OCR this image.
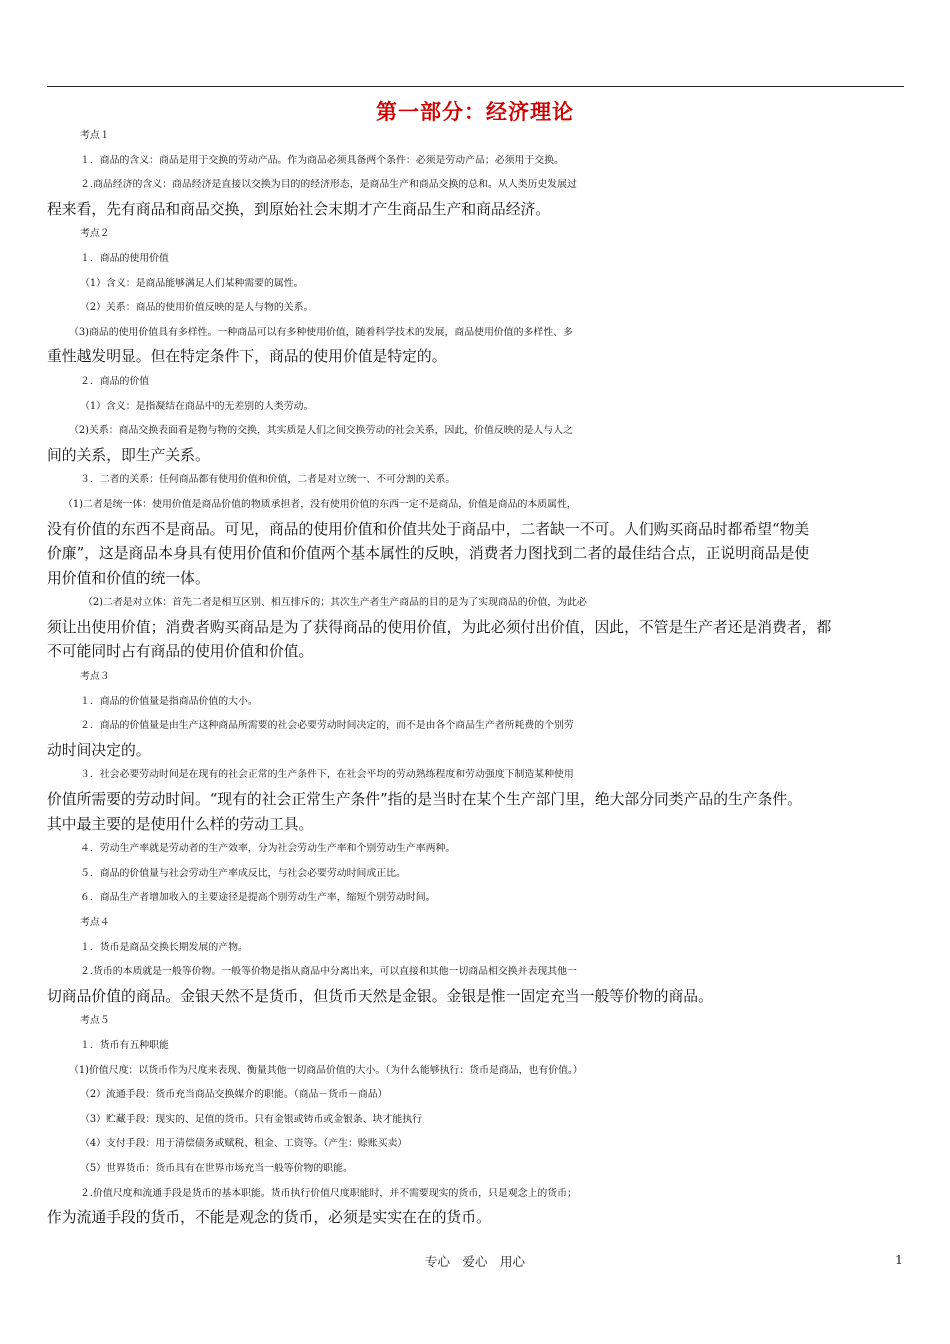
第一部分：经济理论

考点１

１．商品的含义：商品是用于交换的劳动产品。作为商品必须具备两个条件：必须是劳动产品；必须用于交换。

２.商品经济的含义：商品经济是直接以交换为目的的经济形态，是商品生产和商品交换的总和。从人类历史发展过
程来看，先有商品和商品交换，到原始社会末期才产生商品生产和商品经济。

考点２

１．商品的使用价值

（1）含义：是商品能够满足人们某种需要的属性。

（2）关系：商品的使用价值反映的是人与物的关系。

（3)商品的使用价值具有多样性。一种商品可以有多种使用价值，随着科学技术的发展，商品使用价值的多样性、多
重性越发明显。但在特定条件下，商品的使用价值是特定的。

２．商品的价值

（1）含义：是指凝结在商品中的无差别的人类劳动。

（2)关系：商品交换表面看是物与物的交换，其实质是人们之间交换劳动的社会关系，因此，价值反映的是人与人之
间的关系，即生产关系。

３．二者的关系：任何商品都有使用价值和价值，二者是对立统一、不可分割的关系。

（1)二者是统一体：使用价值是商品价值的物质承担者，没有使用价值的东西一定不是商品，价值是商品的本质属性，
没有价值的东西不是商品。可见，商品的使用价值和价值共处于商品中，二者缺一不可。人们购买商品时都希望“物美
价廉”，这是商品本身具有使用价值和价值两个基本属性的反映，消费者力图找到二者的最佳结合点，正说明商品是使
用价值和价值的统一体。

（2)二者是对立体：首先二者是相互区别、相互排斥的；其次生产者生产商品的目的是为了实现商品的价值，为此必
须让出使用价值；消费者购买商品是为了获得商品的使用价值，为此必须付出价值，因此，不管是生产者还是消费者，都
不可能同时占有商品的使用价值和价值。

考点３

１．商品的价值量是指商品价值的大小。

２．商品的价值量是由生产这种商品所需要的社会必要劳动时间决定的，而不是由各个商品生产者所耗费的个别劳
动时间决定的。

３．社会必要劳动时间是在现有的社会正常的生产条件下，在社会平均的劳动熟练程度和劳动强度下制造某种使用
价值所需要的劳动时间。“现有的社会正常生产条件”指的是当时在某个生产部门里，绝大部分同类产品的生产条件。
其中最主要的是使用什么样的劳动工具。

４．劳动生产率就是劳动者的生产效率，分为社会劳动生产率和个别劳动生产率两种。

５．商品的价值量与社会劳动生产率成反比，与社会必要劳动时间成正比。

６．商品生产者增加收入的主要途径是提高个别劳动生产率，缩短个别劳动时间。

考点４

１．货币是商品交换长期发展的产物。

２.货币的本质就是一般等价物。一般等价物是指从商品中分离出来，可以直接和其他一切商品相交换并表现其他一
切商品价值的商品。金银天然不是货币，但货币天然是金银。金银是惟一固定充当一般等价物的商品。

考点５

１．货币有五种职能

（1)价值尺度：以货币作为尺度来表现、衡量其他一切商品价值的大小。（为什么能够执行：货币是商品，也有价值。）

（2）流通手段：货币充当商品交换媒介的职能。（商品－货币－商品）

（3）贮藏手段：现实的、足值的货币。只有金银或铸币或金银条、块才能执行

（4）支付手段：用于清偿债务或赋税、租金、工资等。（产生：赊账买卖）

（5）世界货币：货币具有在世界市场充当一般等价物的职能。

２.价值尺度和流通手段是货币的基本职能。货币执行价值尺度职能时，并不需要现实的货币，只是观念上的货币；
作为流通手段的货币，不能是观念的货币，必须是实实在在的货币。

专心　爱心　用心	1
